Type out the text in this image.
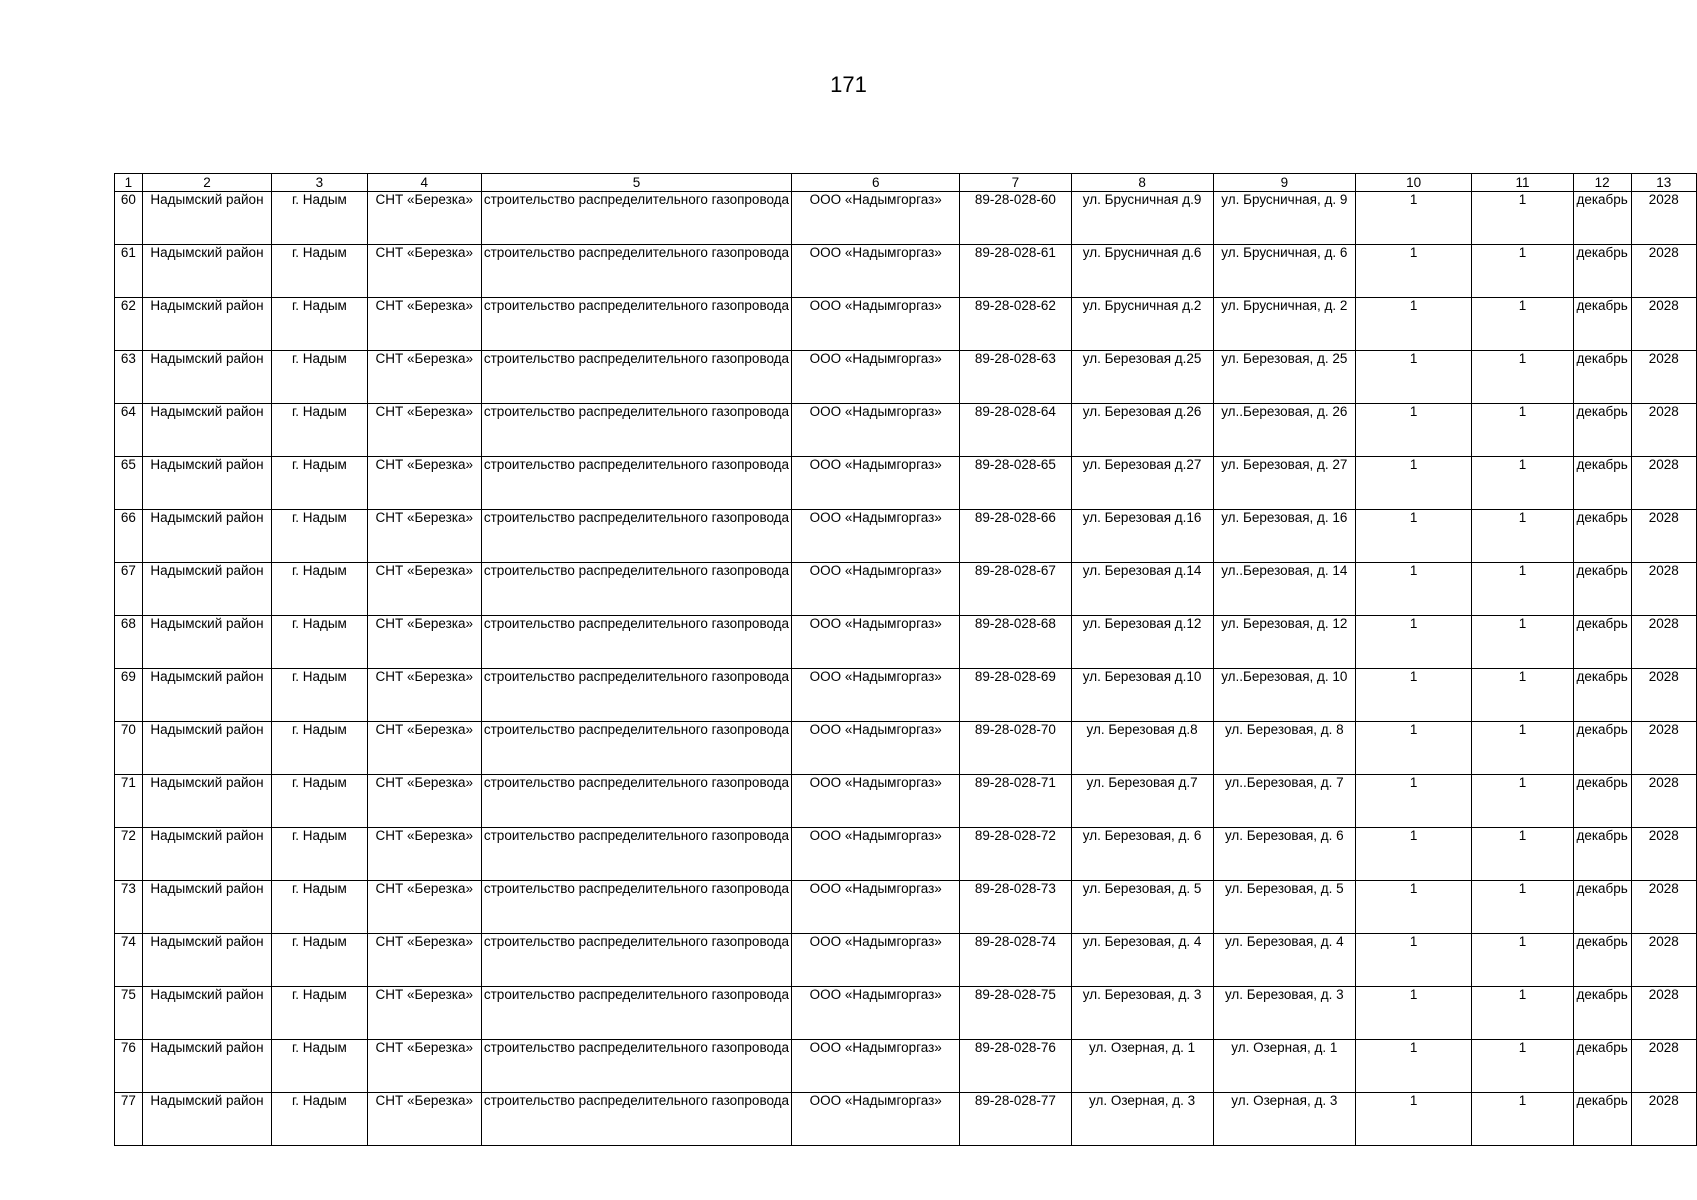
171
1	2	3	4	5	6	7	8	9	10	11	12	13
60	Надымский район	г. Надым	СНТ «Березка»	строительство распределительного газопровода	ООО «Надымгоргаз»	89-28-028-60	ул. Брусничная д.9	ул. Брусничная, д. 9	1	1	декабрь	2028
61	Надымский район	г. Надым	СНТ «Березка»	строительство распределительного газопровода	ООО «Надымгоргаз»	89-28-028-61	ул. Брусничная д.6	ул. Брусничная, д. 6	1	1	декабрь	2028
62	Надымский район	г. Надым	СНТ «Березка»	строительство распределительного газопровода	ООО «Надымгоргаз»	89-28-028-62	ул. Брусничная д.2	ул. Брусничная, д. 2	1	1	декабрь	2028
63	Надымский район	г. Надым	СНТ «Березка»	строительство распределительного газопровода	ООО «Надымгоргаз»	89-28-028-63	ул. Березовая д.25	ул. Березовая, д. 25	1	1	декабрь	2028
64	Надымский район	г. Надым	СНТ «Березка»	строительство распределительного газопровода	ООО «Надымгоргаз»	89-28-028-64	ул. Березовая д.26	ул..Березовая, д. 26	1	1	декабрь	2028
65	Надымский район	г. Надым	СНТ «Березка»	строительство распределительного газопровода	ООО «Надымгоргаз»	89-28-028-65	ул. Березовая д.27	ул. Березовая, д. 27	1	1	декабрь	2028
66	Надымский район	г. Надым	СНТ «Березка»	строительство распределительного газопровода	ООО «Надымгоргаз»	89-28-028-66	ул. Березовая д.16	ул. Березовая, д. 16	1	1	декабрь	2028
67	Надымский район	г. Надым	СНТ «Березка»	строительство распределительного газопровода	ООО «Надымгоргаз»	89-28-028-67	ул. Березовая д.14	ул..Березовая, д. 14	1	1	декабрь	2028
68	Надымский район	г. Надым	СНТ «Березка»	строительство распределительного газопровода	ООО «Надымгоргаз»	89-28-028-68	ул. Березовая д.12	ул. Березовая, д. 12	1	1	декабрь	2028
69	Надымский район	г. Надым	СНТ «Березка»	строительство распределительного газопровода	ООО «Надымгоргаз»	89-28-028-69	ул. Березовая д.10	ул..Березовая, д. 10	1	1	декабрь	2028
70	Надымский район	г. Надым	СНТ «Березка»	строительство распределительного газопровода	ООО «Надымгоргаз»	89-28-028-70	ул. Березовая д.8	ул. Березовая, д. 8	1	1	декабрь	2028
71	Надымский район	г. Надым	СНТ «Березка»	строительство распределительного газопровода	ООО «Надымгоргаз»	89-28-028-71	ул. Березовая д.7	ул..Березовая, д. 7	1	1	декабрь	2028
72	Надымский район	г. Надым	СНТ «Березка»	строительство распределительного газопровода	ООО «Надымгоргаз»	89-28-028-72	ул. Березовая, д. 6	ул. Березовая, д. 6	1	1	декабрь	2028
73	Надымский район	г. Надым	СНТ «Березка»	строительство распределительного газопровода	ООО «Надымгоргаз»	89-28-028-73	ул. Березовая, д. 5	ул. Березовая, д. 5	1	1	декабрь	2028
74	Надымский район	г. Надым	СНТ «Березка»	строительство распределительного газопровода	ООО «Надымгоргаз»	89-28-028-74	ул. Березовая, д. 4	ул. Березовая, д. 4	1	1	декабрь	2028
75	Надымский район	г. Надым	СНТ «Березка»	строительство распределительного газопровода	ООО «Надымгоргаз»	89-28-028-75	ул. Березовая, д. 3	ул. Березовая, д. 3	1	1	декабрь	2028
76	Надымский район	г. Надым	СНТ «Березка»	строительство распределительного газопровода	ООО «Надымгоргаз»	89-28-028-76	ул. Озерная, д. 1	ул. Озерная, д. 1	1	1	декабрь	2028
77	Надымский район	г. Надым	СНТ «Березка»	строительство распределительного газопровода	ООО «Надымгоргаз»	89-28-028-77	ул. Озерная, д. 3	ул. Озерная, д. 3	1	1	декабрь	2028
